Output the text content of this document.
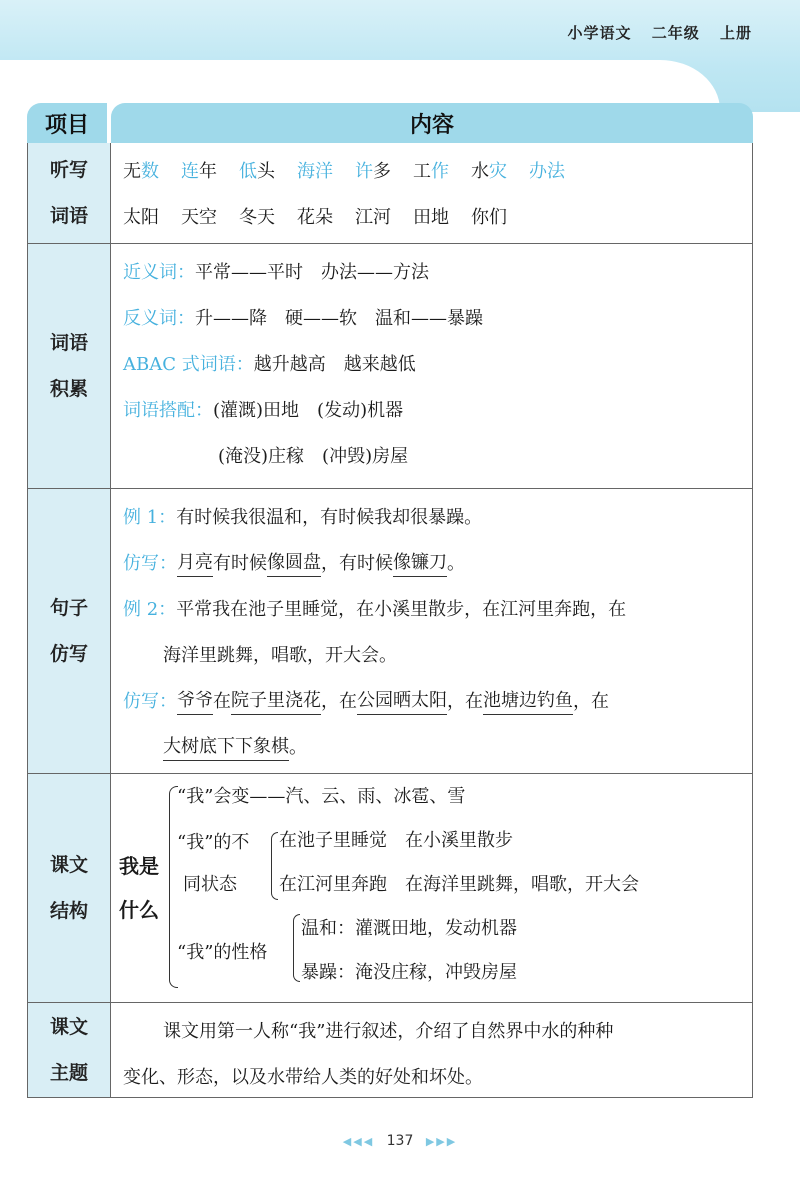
小学语文 二年级 上册
项目	内容
听写
词语
无数 连年 低头 海洋 许多 工作 水灾 办法
太阳 天空 冬天 花朵 江河 田地 你们
词语
积累
近义词： 平常——平时　办法——方法
反义词： 升——降　硬——软　温和——暴躁
ABAC 式词语： 越升越高　越来越低
词语搭配： (灌溉)田地　(发动)机器
(淹没)庄稼　(冲毁)房屋
句子
仿写
例 1： 有时候我很温和，有时候我却很暴躁。
仿写： 月亮 有时候 像圆盘 ，有时候 像镰刀 。
例 2： 平常我在池子里睡觉，在小溪里散步，在江河里奔跑，在
海洋里跳舞，唱歌，开大会。
仿写： 爷爷 在 院子里浇花 ，在 公园晒太阳 ，在 池塘边钓鱼 ，在
大树底下下象棋 。
课文
结构
我是
什么
“我”会变——汽、云、雨、冰雹、雪
“我”的不
同状态
在池子里睡觉　在小溪里散步
在江河里奔跑　在海洋里跳舞，唱歌，开大会
“我”的性格
温和：灌溉田地，发动机器
暴躁：淹没庄稼，冲毁房屋
课文
主题
课文用第一人称“我”进行叙述，介绍了自然界中水的种种
变化、形态，以及水带给人类的好处和坏处。
◀◀◀ 137 ▶▶▶
